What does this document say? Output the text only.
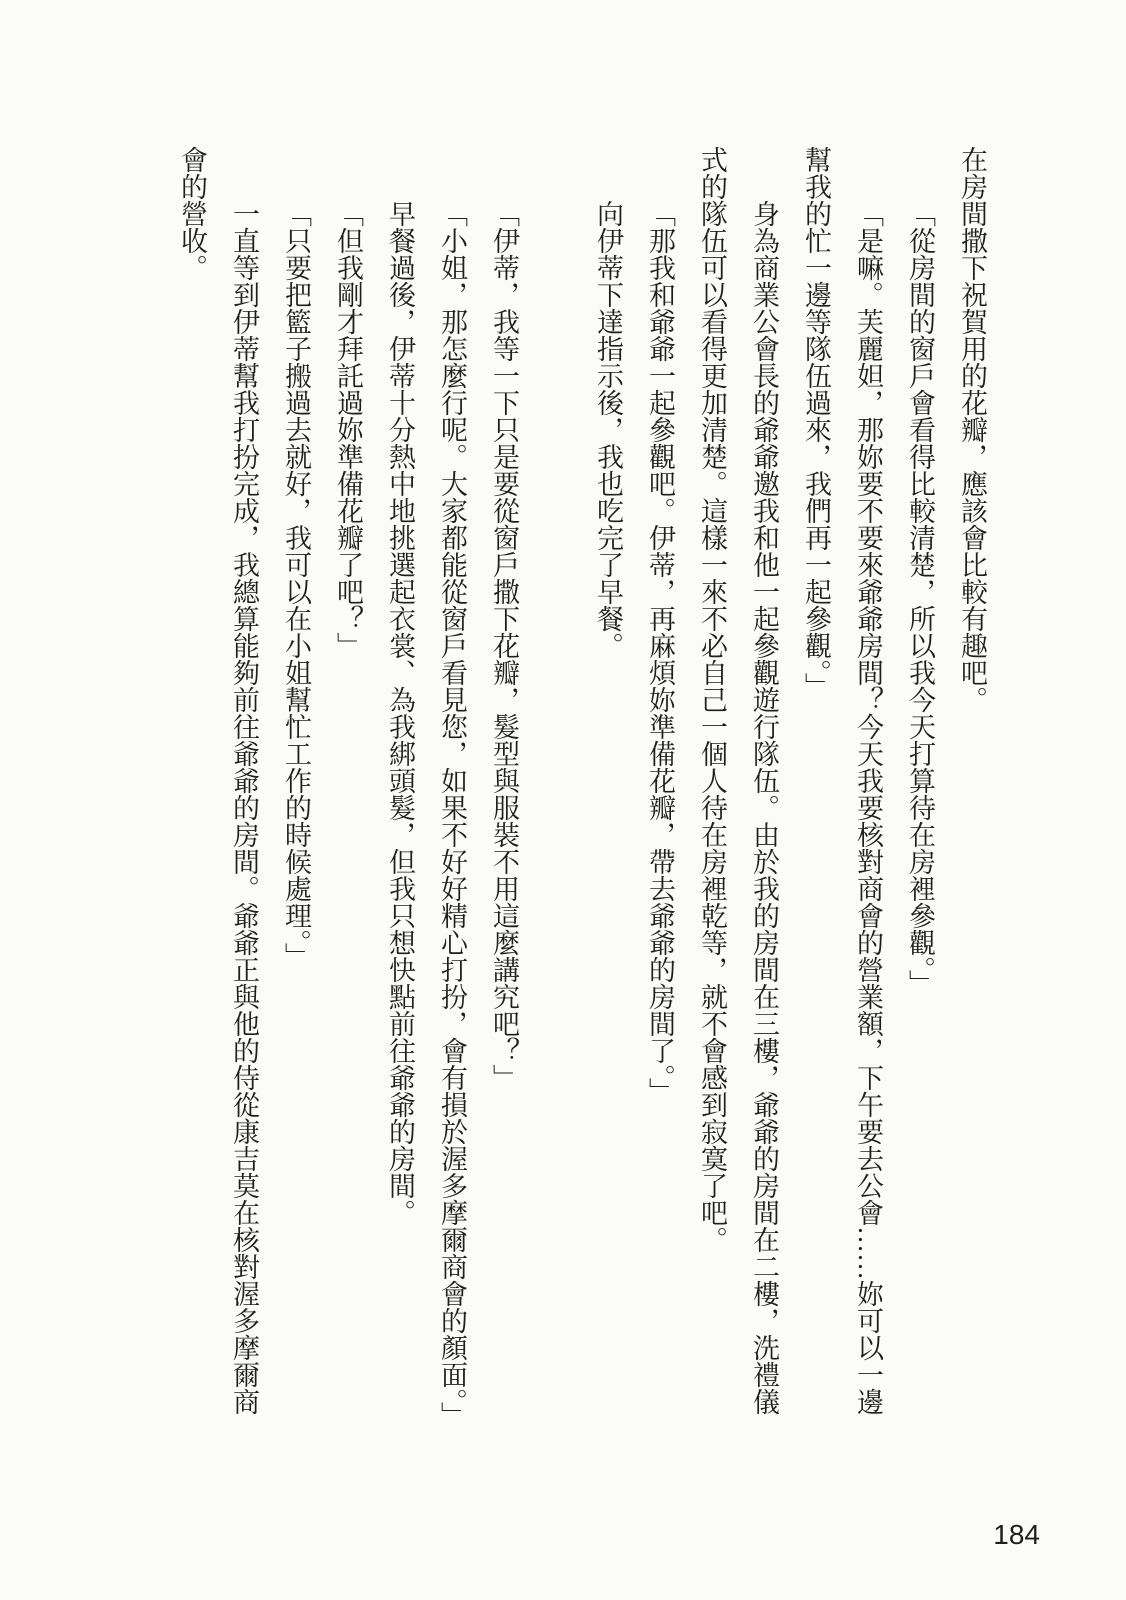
在房間撒下祝賀用的花瓣，應該會比較有趣吧。
「從房間的窗戶會看得比較清楚，所以我今天打算待在房裡參觀。」
「是嘛。芙麗妲，那妳要不要來爺爺房間？今天我要核對商會的營業額，下午要去公會……妳可以一邊
幫我的忙一邊等隊伍過來，我們再一起參觀。」
身為商業公會長的爺爺邀我和他一起參觀遊行隊伍。由於我的房間在三樓，爺爺的房間在二樓，洗禮儀
式的隊伍可以看得更加清楚。這樣一來不必自己一個人待在房裡乾等，就不會感到寂寞了吧。
「那我和爺爺一起參觀吧。伊蒂，再麻煩妳準備花瓣，帶去爺爺的房間了。」
向伊蒂下達指示後，我也吃完了早餐。
「伊蒂，我等一下只是要從窗戶撒下花瓣，髮型與服裝不用這麼講究吧？」
「小姐，那怎麼行呢。大家都能從窗戶看見您，如果不好好精心打扮，會有損於渥多摩爾商會的顏面。」
早餐過後，伊蒂十分熱中地挑選起衣裳、為我綁頭髮，但我只想快點前往爺爺的房間。
「但我剛才拜託過妳準備花瓣了吧？」
「只要把籃子搬過去就好，我可以在小姐幫忙工作的時候處理。」
一直等到伊蒂幫我打扮完成，我總算能夠前往爺爺的房間。爺爺正與他的侍從康吉莫在核對渥多摩爾商
會的營收。
184
